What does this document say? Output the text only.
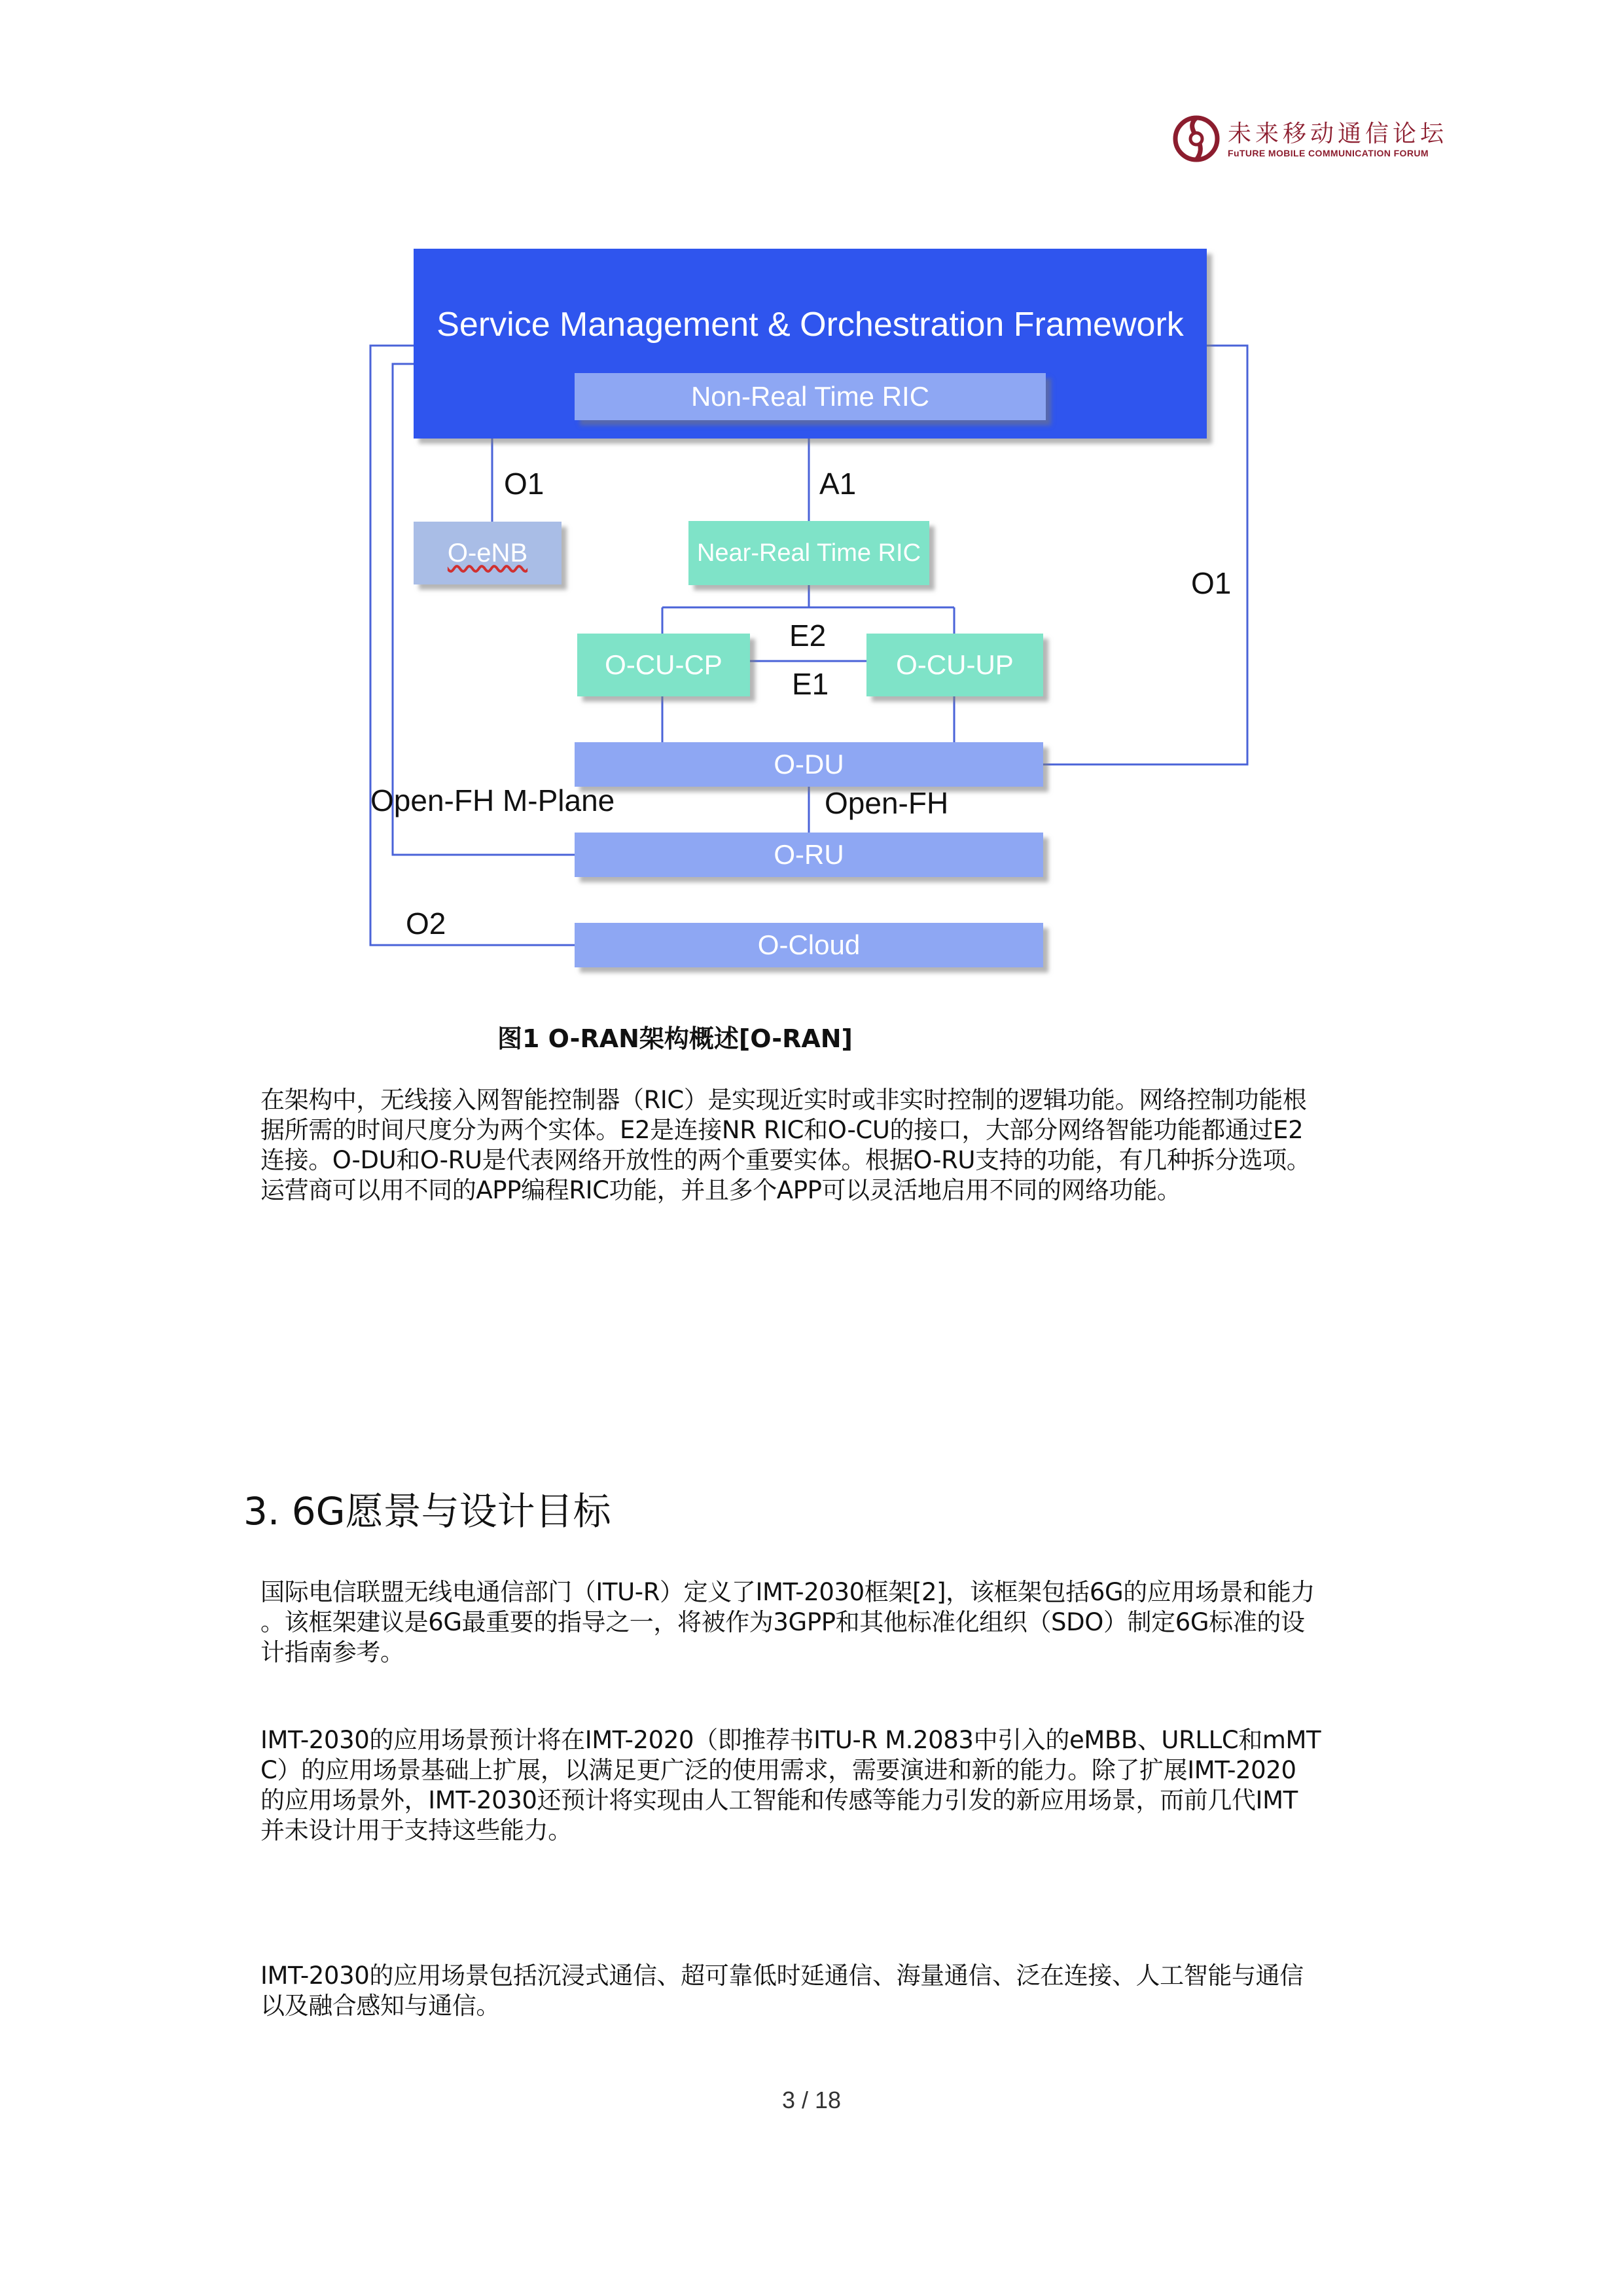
未来移动通信论坛
FuTURE MOBILE COMMUNICATION FORUM
Service Management & Orchestration Framework
Non-Real Time RIC
O1	A1
O-eNB	Near-Real Time RIC
O1
E2
E1
O-CU-CP	O-CU-UP
O-DU
Open-FH M-Plane	Open-FH
O-RU
O2
O-Cloud
图1 O-RAN架构概述[O-RAN]
在架构中，无线接入网智能控制器（RIC）是实现近实时或非实时控制的逻辑功能。网络控制功能根
据所需的时间尺度分为两个实体。E2是连接NR RIC和O-CU的接口，大部分网络智能功能都通过E2
连接。O-DU和O-RU是代表网络开放性的两个重要实体。根据O-RU支持的功能，有几种拆分选项。
运营商可以用不同的APP编程RIC功能，并且多个APP可以灵活地启用不同的网络功能。
3. 6G愿景与设计目标
国际电信联盟无线电通信部门（ITU-R）定义了IMT-2030框架[2]，该框架包括6G的应用场景和能力
。该框架建议是6G最重要的指导之一，将被作为3GPP和其他标准化组织（SDO）制定6G标准的设
计指南参考。
IMT-2030的应用场景预计将在IMT-2020（即推荐书ITU-R M.2083中引入的eMBB、URLLC和mMT
C）的应用场景基础上扩展，以满足更广泛的使用需求，需要演进和新的能力。除了扩展IMT-2020
的应用场景外，IMT-2030还预计将实现由人工智能和传感等能力引发的新应用场景，而前几代IMT
并未设计用于支持这些能力。
IMT-2030的应用场景包括沉浸式通信、超可靠低时延通信、海量通信、泛在连接、人工智能与通信
以及融合感知与通信。
3 / 18
